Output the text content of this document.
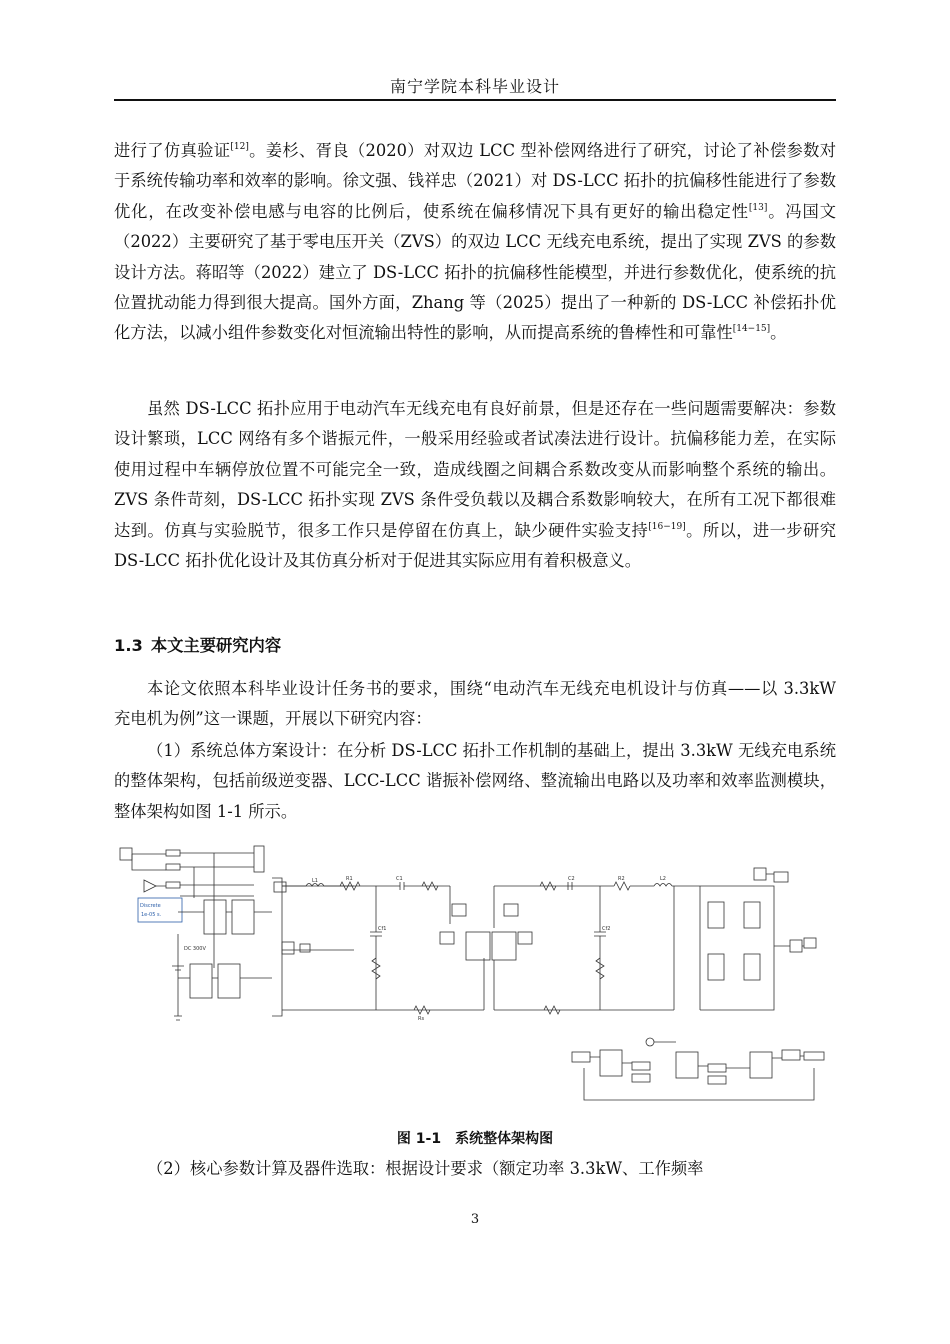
南宁学院本科毕业设计

进行了仿真验证[12]。姜杉、胥良（2020）对双边 LCC 型补偿网络进行了研究，讨论了补偿参数对于系统传输功率和效率的影响。徐文强、钱祥忠（2021）对 DS-LCC 拓扑的抗偏移性能进行了参数优化，在改变补偿电感与电容的比例后，使系统在偏移情况下具有更好的输出稳定性[13]。冯国文（2022）主要研究了基于零电压开关（ZVS）的双边 LCC 无线充电系统，提出了实现 ZVS 的参数设计方法。蒋昭等（2022）建立了 DS-LCC 拓扑的抗偏移性能模型，并进行参数优化，使系统的抗位置扰动能力得到很大提高。国外方面，Zhang 等（2025）提出了一种新的 DS-LCC 补偿拓扑优化方法，以减小组件参数变化对恒流输出特性的影响，从而提高系统的鲁棒性和可靠性[14−15]。

虽然 DS-LCC 拓扑应用于电动汽车无线充电有良好前景，但是还存在一些问题需要解决：参数设计繁琐，LCC 网络有多个谐振元件，一般采用经验或者试凑法进行设计。抗偏移能力差，在实际使用过程中车辆停放位置不可能完全一致，造成线圈之间耦合系数改变从而影响整个系统的输出。ZVS 条件苛刻，DS-LCC 拓扑实现 ZVS 条件受负载以及耦合系数影响较大，在所有工况下都很难达到。仿真与实验脱节，很多工作只是停留在仿真上，缺少硬件实验支持[16−19]。所以，进一步研究 DS-LCC 拓扑优化设计及其仿真分析对于促进其实际应用有着积极意义。

1.3 本文主要研究内容

本论文依照本科毕业设计任务书的要求，围绕“电动汽车无线充电机设计与仿真——以 3.3kW 充电机为例”这一课题，开展以下研究内容：

（1）系统总体方案设计：在分析 DS-LCC 拓扑工作机制的基础上，提出 3.3kW 无线充电系统的整体架构，包括前级逆变器、LCC-LCC 谐振补偿网络、整流输出电路以及功率和效率监测模块，整体架构如图 1-1 所示。

Discrete
1e-05 s.
DC 300V
L1	C1
Cf1
R1
Rs
L2
C2
Cf2
R2
图 1-1 系统整体架构图

（2）核心参数计算及器件选取：根据设计要求（额定功率 3.3kW、工作频率

3
